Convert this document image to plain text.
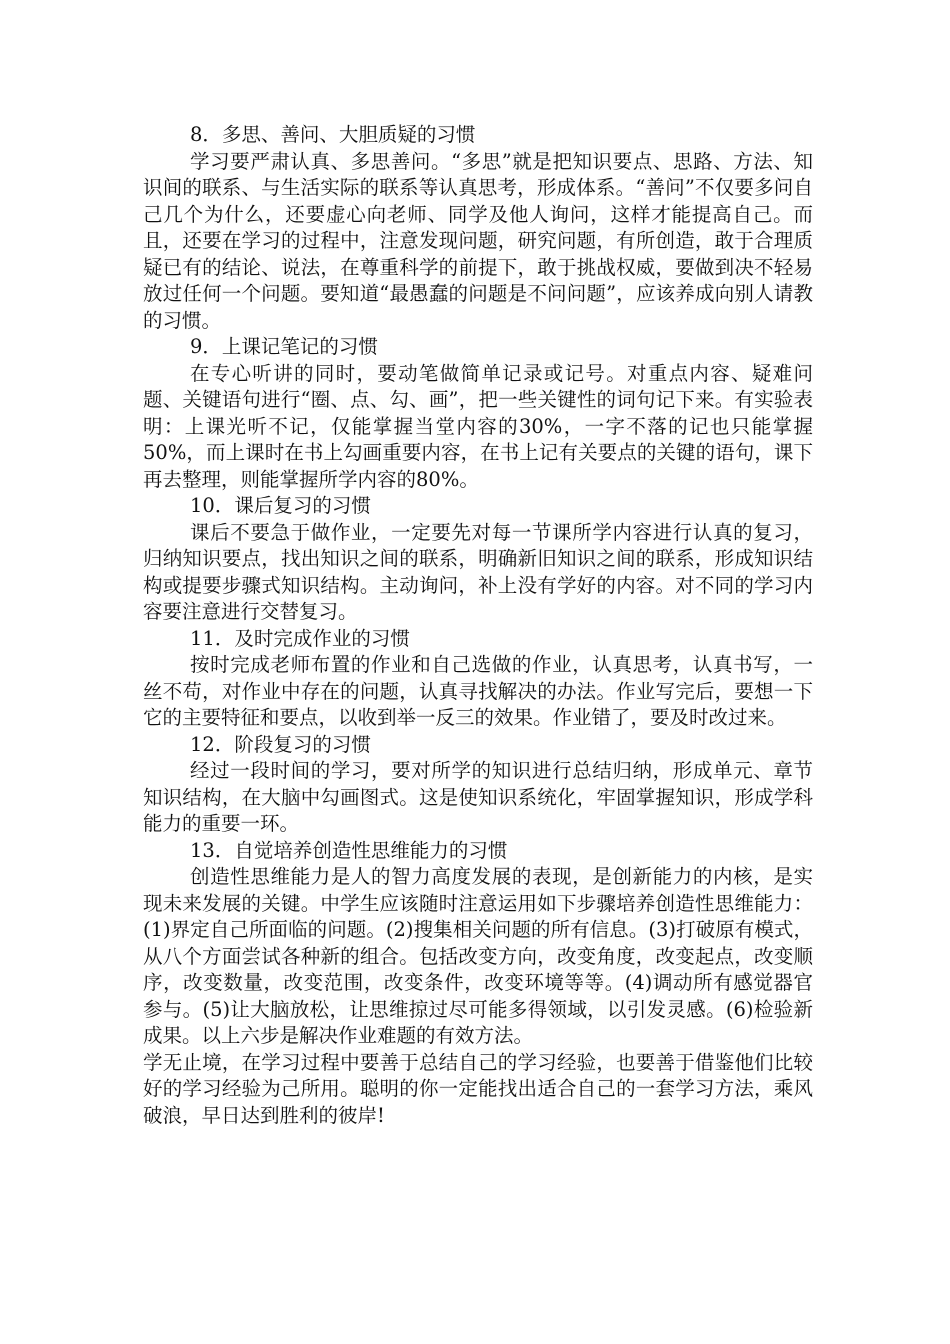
8．多思、善问、大胆质疑的习惯

学习要严肃认真、多思善问。“多思”就是把知识要点、思路、方法、知识间的联系、与生活实际的联系等认真思考，形成体系。“善问”不仅要多问自己几个为什么，还要虚心向老师、同学及他人询问，这样才能提高自己。而且，还要在学习的过程中，注意发现问题，研究问题，有所创造，敢于合理质疑已有的结论、说法，在尊重科学的前提下，敢于挑战权威，要做到决不轻易放过任何一个问题。要知道“最愚蠢的问题是不问问题”，应该养成向别人请教的习惯。

9．上课记笔记的习惯

在专心听讲的同时，要动笔做简单记录或记号。对重点内容、疑难问题、关键语句进行“圈、点、勾、画”，把一些关键性的词句记下来。有实验表明：上课光听不记，仅能掌握当堂内容的30%，一字不落的记也只能掌握50%，而上课时在书上勾画重要内容，在书上记有关要点的关键的语句，课下再去整理，则能掌握所学内容的80%。

10．课后复习的习惯

课后不要急于做作业，一定要先对每一节课所学内容进行认真的复习，归纳知识要点，找出知识之间的联系，明确新旧知识之间的联系，形成知识结构或提要步骤式知识结构。主动询问，补上没有学好的内容。对不同的学习内容要注意进行交替复习。

11．及时完成作业的习惯

按时完成老师布置的作业和自己选做的作业，认真思考，认真书写，一丝不苟，对作业中存在的问题，认真寻找解决的办法。作业写完后，要想一下它的主要特征和要点，以收到举一反三的效果。作业错了，要及时改过来。

12．阶段复习的习惯

经过一段时间的学习，要对所学的知识进行总结归纳，形成单元、章节知识结构，在大脑中勾画图式。这是使知识系统化，牢固掌握知识，形成学科能力的重要一环。

13．自觉培养创造性思维能力的习惯

创造性思维能力是人的智力高度发展的表现，是创新能力的内核，是实现未来发展的关键。中学生应该随时注意运用如下步骤培养创造性思维能力：(1)界定自己所面临的问题。(2)搜集相关问题的所有信息。(3)打破原有模式，从八个方面尝试各种新的组合。包括改变方向，改变角度，改变起点，改变顺序，改变数量，改变范围，改变条件，改变环境等等。(4)调动所有感觉器官参与。(5)让大脑放松，让思维掠过尽可能多得领域，以引发灵感。(6)检验新成果。以上六步是解决作业难题的有效方法。

学无止境，在学习过程中要善于总结自己的学习经验，也要善于借鉴他们比较好的学习经验为己所用。聪明的你一定能找出适合自己的一套学习方法，乘风破浪，早日达到胜利的彼岸!
